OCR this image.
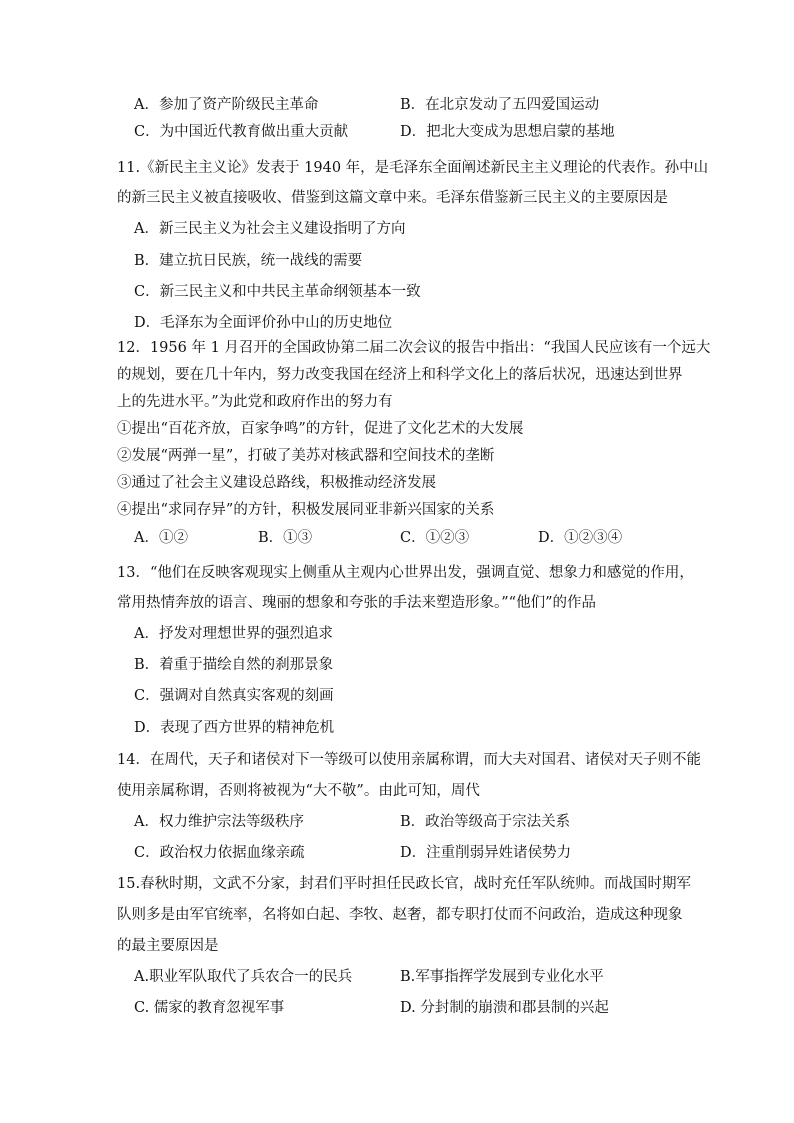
A．参加了资产阶级民主革命	B．在北京发动了五四爱国运动
C．为中国近代教育做出重大贡献	D．把北大变成为思想启蒙的基地
11.《新民主主义论》发表于 1940 年，是毛泽东全面阐述新民主主义理论的代表作。孙中山
的新三民主义被直接吸收、借鉴到这篇文章中来。毛泽东借鉴新三民主义的主要原因是
A．新三民主义为社会主义建设指明了方向
B．建立抗日民族，统一战线的需要
C．新三民主义和中共民主革命纲领基本一致
D．毛泽东为全面评价孙中山的历史地位
12．1956 年 1 月召开的全国政协第二届二次会议的报告中指出：“我国人民应该有一个远大
的规划，要在几十年内，努力改变我国在经济上和科学文化上的落后状况，迅速达到世界
上的先进水平。”为此党和政府作出的努力有
①提出“百花齐放，百家争鸣”的方针，促进了文化艺术的大发展
②发展“两弹一星”，打破了美苏对核武器和空间技术的垄断
③通过了社会主义建设总路线，积极推动经济发展
④提出“求同存异”的方针，积极发展同亚非新兴国家的关系
A．①②	B．①③	C．①②③	D．①②③④
13．“他们在反映客观现实上侧重从主观内心世界出发，强调直觉、想象力和感觉的作用，
常用热情奔放的语言、瑰丽的想象和夸张的手法来塑造形象。”“他们”的作品
A．抒发对理想世界的强烈追求
B．着重于描绘自然的刹那景象
C．强调对自然真实客观的刻画
D．表现了西方世界的精神危机
14．在周代，天子和诸侯对下一等级可以使用亲属称谓，而大夫对国君、诸侯对天子则不能
使用亲属称谓，否则将被视为“大不敬”。由此可知，周代
A．权力维护宗法等级秩序	B．政治等级高于宗法关系
C．政治权力依据血缘亲疏	D．注重削弱异姓诸侯势力
15.春秋时期，文武不分家，封君们平时担任民政长官，战时充任军队统帅。而战国时期军
队则多是由军官统率，名将如白起、李牧、赵奢，都专职打仗而不问政治，造成这种现象
的最主要原因是
A.职业军队取代了兵农合一的民兵	B.军事指挥学发展到专业化水平
C. 儒家的教育忽视军事	D. 分封制的崩溃和郡县制的兴起
